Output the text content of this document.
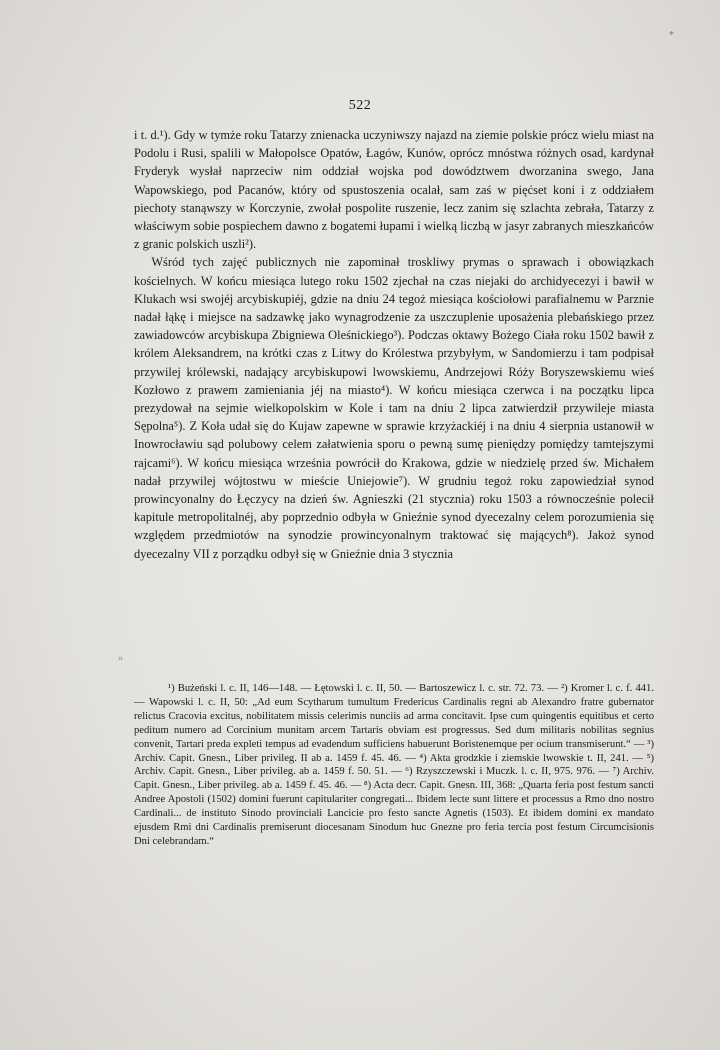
*
522

i t. d.¹). Gdy w tymże roku Tatarzy znienacka uczyniwszy najazd na ziemie polskie prócz wielu miast na Podolu i Rusi, spalili w Małopolsce Opatów, Łagów, Kunów, oprócz mnóstwa różnych osad, kardynał Fryderyk wysłał naprzeciw nim oddział wojska pod dowództwem dworzanina swego, Jana Wapowskiego, pod Pacanów, który od spustoszenia ocalał, sam zaś w pięćset koni i z oddziałem piechoty stanąwszy w Korczynie, zwołał pospolite ruszenie, lecz zanim się szlachta zebrała, Tatarzy z właściwym sobie pospiechem dawno z bogatemi łupami i wielką liczbą w jasyr zabranych mieszkańców z granic polskich uszli²).

Wśród tych zajęć publicznych nie zapominał troskliwy prymas o sprawach i obowiązkach kościelnych. W końcu miesiąca lutego roku 1502 zjechał na czas niejaki do archidyecezyi i bawił w Klukach wsi swojéj arcybiskupiéj, gdzie na dniu 24 tegoż miesiąca kościołowi parafialnemu w Parznie nadał łąkę i miejsce na sadzawkę jako wynagrodzenie za uszczuplenie uposażenia plebańskiego przez zawiadowców arcybiskupa Zbigniewa Oleśnickiego³). Podczas oktawy Bożego Ciała roku 1502 bawił z królem Aleksandrem, na krótki czas z Litwy do Królestwa przybyłym, w Sandomierzu i tam podpisał przywilej królewski, nadający arcybiskupowi lwowskiemu, Andrzejowi Róży Boryszewskiemu wieś Kozłowo z prawem zamieniania jéj na miasto⁴). W końcu miesiąca czerwca i na początku lipca prezydował na sejmie wielkopolskim w Kole i tam na dniu 2 lipca zatwierdził przywileje miasta Sępolna⁵). Z Koła udał się do Kujaw zapewne w sprawie krzyżackiéj i na dniu 4 sierpnia ustanowił w Inowrocławiu sąd polubowy celem załatwienia sporu o pewną sumę pieniędzy pomiędzy tamtejszymi rajcami⁶). W końcu miesiąca września powrócił do Krakowa, gdzie w niedzielę przed św. Michałem nadał przywilej wójtostwu w mieście Uniejowie⁷). W grudniu tegoż roku zapowiedział synod prowincyonalny do Łęczycy na dzień św. Agnieszki (21 stycznia) roku 1503 a równocześnie polecił kapitule metropolitalnéj, aby poprzednio odbyła w Gnieźnie synod dyecezalny celem porozumienia się względem przedmiotów na synodzie prowincyonalnym traktować się mających⁸). Jakoż synod dyecezalny VII z porządku odbył się w Gnieźnie dnia 3 stycznia

»

¹) Bużeński l. c. II, 146—148. — Łętowski l. c. II, 50. — Bartoszewicz l. c. str. 72. 73. — ²) Kromer l. c. f. 441. — Wapowski l. c. II, 50: „Ad eum Scytharum tumultum Fredericus Cardinalis regni ab Alexandro fratre gubernator relictus Cracovia excitus, nobilitatem missis celerimis nunciis ad arma concitavit. Ipse cum quingentis equitibus et certo peditum numero ad Corcinium munitam arcem Tartaris obviam est progressus. Sed dum militaris nobilitas segnius convenit, Tartari preda expleti tempus ad evadendum sufficiens habuerunt Boristenemque per ocium transmiserunt.“ — ³) Archiv. Capit. Gnesn., Liber privileg. II ab a. 1459 f. 45. 46. — ⁴) Akta grodzkie i ziemskie lwowskie t. II, 241. — ⁵) Archiv. Capit. Gnesn., Liber privileg. ab a. 1459 f. 50. 51. — ⁶) Rzyszczewski i Muczk. l. c. II, 975. 976. — ⁷) Archiv. Capit. Gnesn., Liber privileg. ab a. 1459 f. 45. 46. — ⁸) Acta decr. Capit. Gnesn. III, 368: „Quarta feria post festum sancti Andree Apostoli (1502) domini fuerunt capitulariter congregati... Ibidem lecte sunt littere et processus a Rmo dno nostro Cardinali... de instituto Sinodo provinciali Lancicie pro festo sancte Agnetis (1503). Et ibidem domini ex mandato ejusdem Rmi dni Cardinalis premiserunt diocesanam Sinodum huc Gnezne pro feria tercia post festum Circumcisionis Dni celebrandam.“
